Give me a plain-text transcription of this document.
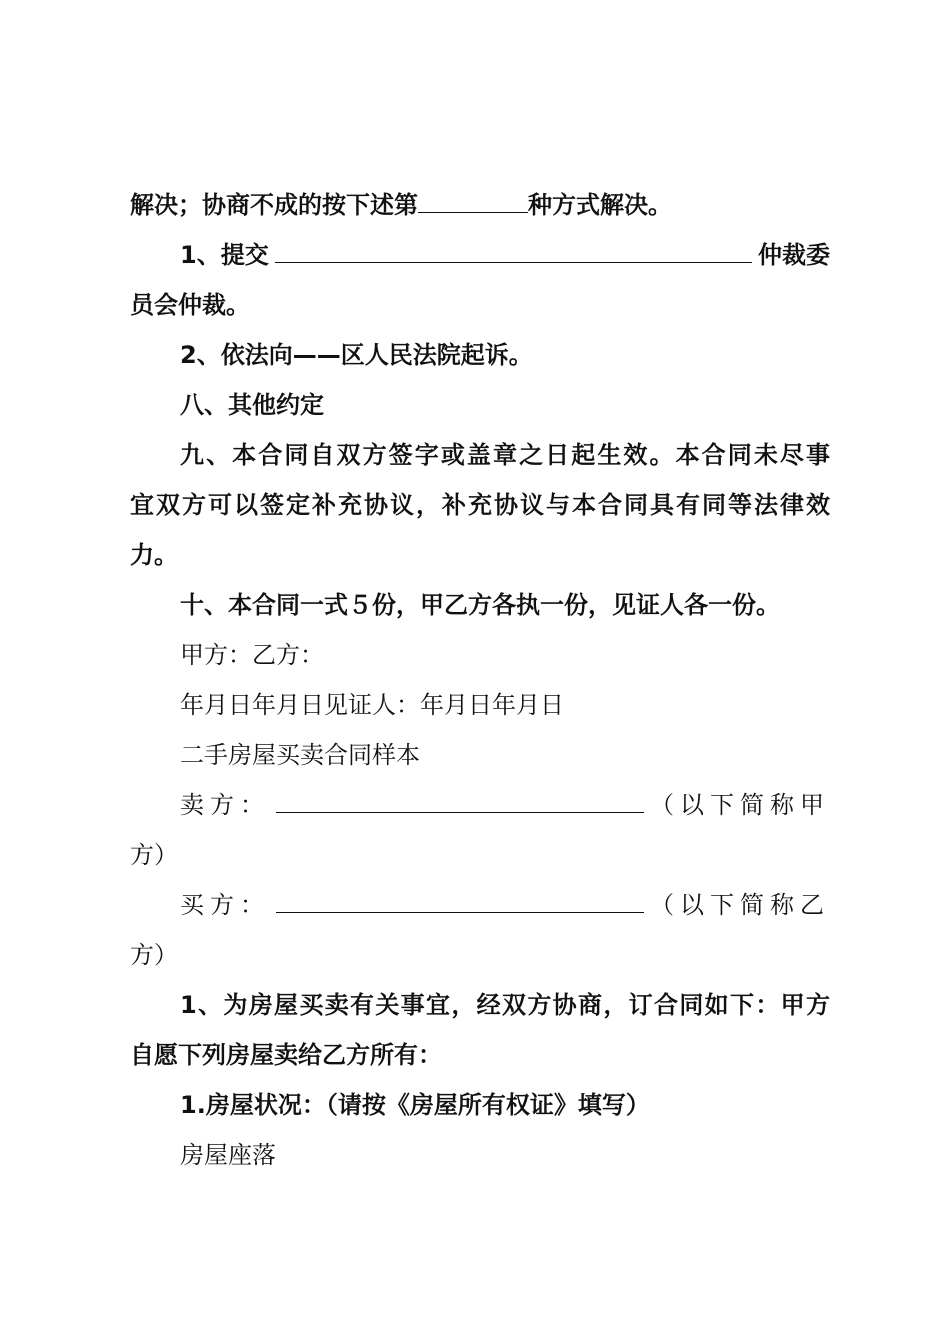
解决；协商不成的按下述第	种方式解决。
1、提交	仲裁委
员会仲裁。
2、依法向——区人民法院起诉。
八、其他约定
九、本合同自双方签字或盖章之日起生效。本合同未尽事
宜双方可以签定补充协议，补充协议与本合同具有同等法律效
力。
十、本合同一式５份，甲乙方各执一份，见证人各一份。
甲方：乙方：
年月日年月日见证人：年月日年月日
二手房屋买卖合同样本
卖方：	（以下简称甲
方）
买方：	（以下简称乙
方）
1、为房屋买卖有关事宜，经双方协商，订合同如下：甲方
自愿下列房屋卖给乙方所有：
1.房屋状况：（请按《房屋所有权证》填写）
房屋座落
